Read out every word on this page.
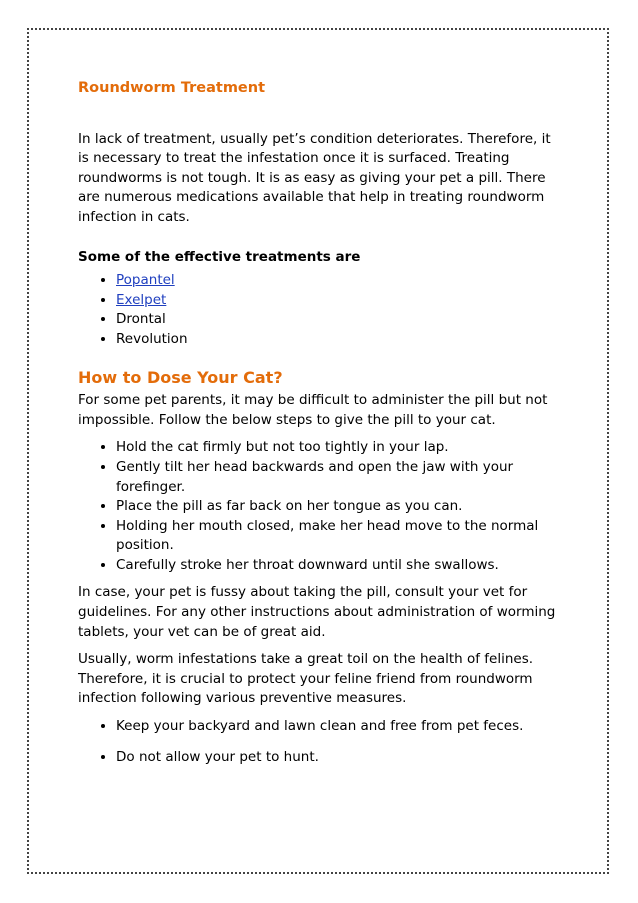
Roundworm Treatment

In lack of treatment, usually pet’s condition deteriorates. Therefore, it
is necessary to treat the infestation once it is surfaced. Treating
roundworms is not tough. It is as easy as giving your pet a pill. There
are numerous medications available that help in treating roundworm
infection in cats.

Some of the effective treatments are

• Popantel
• Exelpet
• Drontal
• Revolution
How to Dose Your Cat?

For some pet parents, it may be difficult to administer the pill but not
impossible. Follow the below steps to give the pill to your cat.

• Hold the cat firmly but not too tightly in your lap.
• Gently tilt her head backwards and open the jaw with your
forefinger.
• Place the pill as far back on her tongue as you can.
• Holding her mouth closed, make her head move to the normal
position.
• Carefully stroke her throat downward until she swallows.

In case, your pet is fussy about taking the pill, consult your vet for
guidelines. For any other instructions about administration of worming
tablets, your vet can be of great aid.

Usually, worm infestations take a great toil on the health of felines.
Therefore, it is crucial to protect your feline friend from roundworm
infection following various preventive measures.

• Keep your backyard and lawn clean and free from pet feces.
• Do not allow your pet to hunt.
